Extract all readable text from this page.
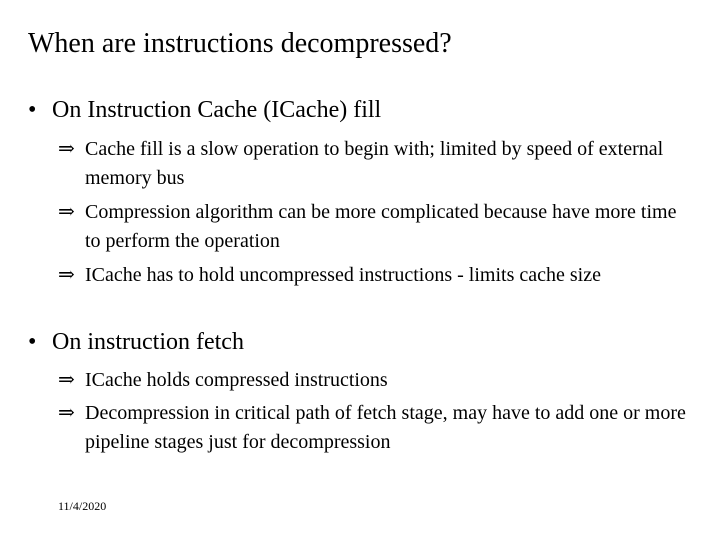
When are instructions decompressed?
• On Instruction Cache (ICache) fill
⇒ Cache fill is a slow operation to begin with; limited by speed of external memory bus
⇒ Compression algorithm can be more complicated because have more time to perform the operation
⇒ ICache has to hold uncompressed instructions - limits cache size
• On instruction fetch
⇒ ICache holds compressed instructions
⇒ Decompression in critical path of fetch stage, may have to add one or more pipeline stages just for decompression
11/4/2020
